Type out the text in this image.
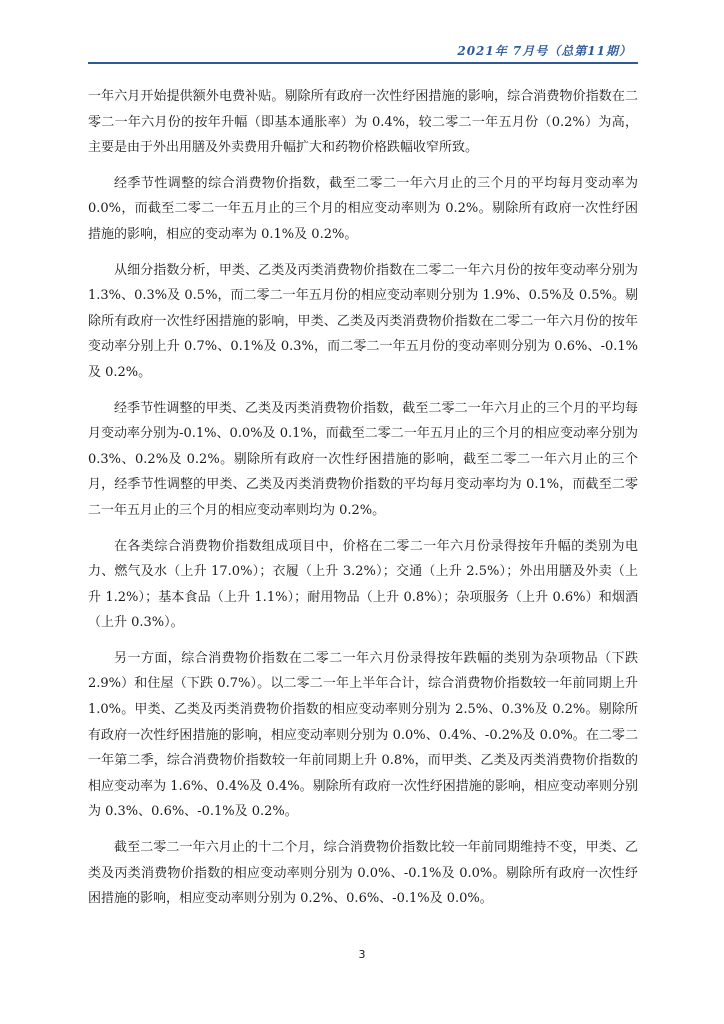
2021年 7月号（总第11期）

一年六月开始提供额外电费补贴。剔除所有政府一次性纾困措施的影响，综合消费物价指数在二零二一年六月份的按年升幅（即基本通胀率）为 0.4%，较二零二一年五月份（0.2%）为高，主要是由于外出用膳及外卖费用升幅扩大和药物价格跌幅收窄所致。

经季节性调整的综合消费物价指数，截至二零二一年六月止的三个月的平均每月变动率为 0.0%，而截至二零二一年五月止的三个月的相应变动率则为 0.2%。剔除所有政府一次性纾困措施的影响，相应的变动率为 0.1%及 0.2%。

从细分指数分析，甲类、乙类及丙类消费物价指数在二零二一年六月份的按年变动率分别为 1.3%、0.3%及 0.5%，而二零二一年五月份的相应变动率则分别为 1.9%、0.5%及 0.5%。剔除所有政府一次性纾困措施的影响，甲类、乙类及丙类消费物价指数在二零二一年六月份的按年变动率分别上升 0.7%、0.1%及 0.3%，而二零二一年五月份的变动率则分别为 0.6%、-0.1%及 0.2%。

经季节性调整的甲类、乙类及丙类消费物价指数，截至二零二一年六月止的三个月的平均每月变动率分别为-0.1%、0.0%及 0.1%，而截至二零二一年五月止的三个月的相应变动率分别为 0.3%、0.2%及 0.2%。剔除所有政府一次性纾困措施的影响，截至二零二一年六月止的三个月，经季节性调整的甲类、乙类及丙类消费物价指数的平均每月变动率均为 0.1%，而截至二零二一年五月止的三个月的相应变动率则均为 0.2%。

在各类综合消费物价指数组成项目中，价格在二零二一年六月份录得按年升幅的类别为电力、燃气及水（上升 17.0%）；衣履（上升 3.2%）；交通（上升 2.5%）；外出用膳及外卖（上升 1.2%）；基本食品（上升 1.1%）；耐用物品（上升 0.8%）；杂项服务（上升 0.6%）和烟酒（上升 0.3%）。

另一方面，综合消费物价指数在二零二一年六月份录得按年跌幅的类别为杂项物品（下跌 2.9%）和住屋（下跌 0.7%）。以二零二一年上半年合计，综合消费物价指数较一年前同期上升 1.0%。甲类、乙类及丙类消费物价指数的相应变动率则分别为 2.5%、0.3%及 0.2%。剔除所有政府一次性纾困措施的影响，相应变动率则分别为 0.0%、0.4%、-0.2%及 0.0%。在二零二一年第二季，综合消费物价指数较一年前同期上升 0.8%，而甲类、乙类及丙类消费物价指数的相应变动率为 1.6%、0.4%及 0.4%。剔除所有政府一次性纾困措施的影响，相应变动率则分别为 0.3%、0.6%、-0.1%及 0.2%。

截至二零二一年六月止的十二个月，综合消费物价指数比较一年前同期维持不变，甲类、乙类及丙类消费物价指数的相应变动率则分别为 0.0%、-0.1%及 0.0%。剔除所有政府一次性纾困措施的影响，相应变动率则分别为 0.2%、0.6%、-0.1%及 0.0%。

3
